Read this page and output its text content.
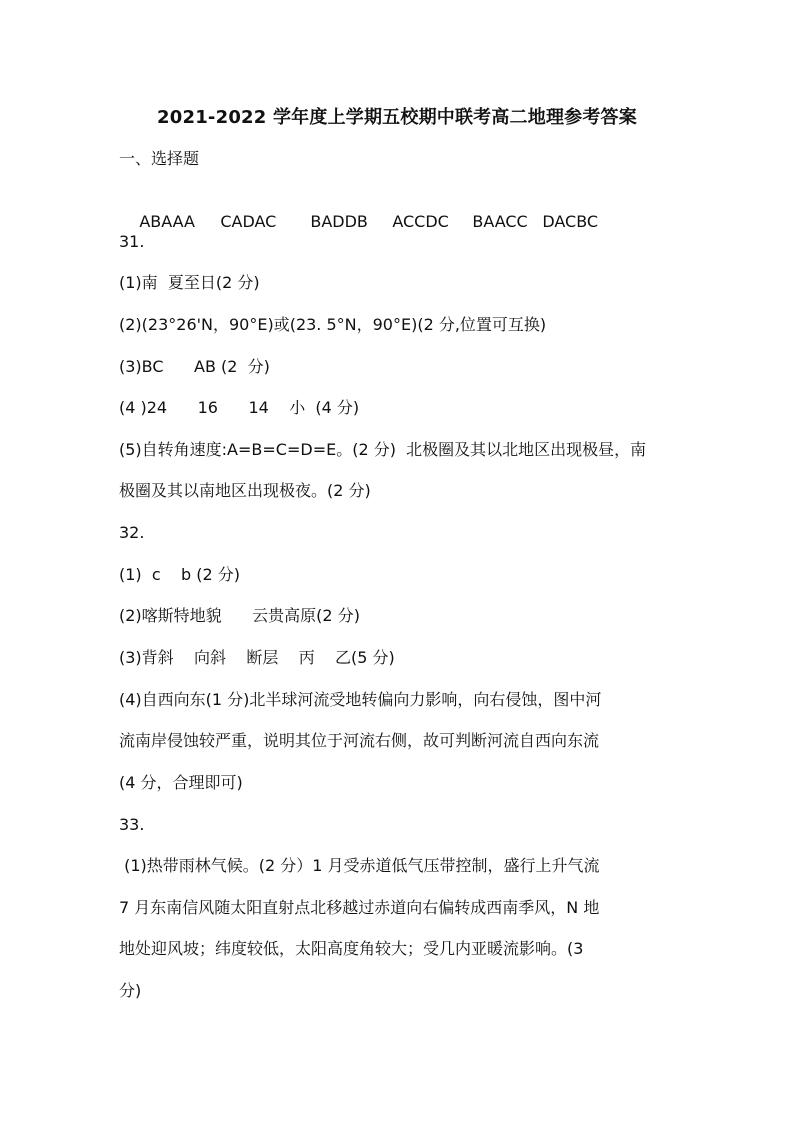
2021-2022 学年度上学期五校期中联考高二地理参考答案
一、选择题

ABAAA CADAC BADDB ACCDC BAACC DACBC

31.
(1)南  夏至日(2 分)
(2)(23°26'N，90°E)或(23. 5°N，90°E)(2 分,位置可互换)
(3)BC      AB (2  分)
(4 )24      16      14    小  (4 分)
(5)自转角速度:A=B=C=D=E。(2 分)  北极圈及其以北地区出现极昼，南
极圈及其以南地区出现极夜。(2 分)
32.
(1)  c    b (2 分)
(2)喀斯特地貌      云贵高原(2 分)
(3)背斜    向斜    断层    丙    乙(5 分)
(4)自西向东(1 分)北半球河流受地转偏向力影响，向右侵蚀，图中河
流南岸侵蚀较严重，说明其位于河流右侧，故可判断河流自西向东流
(4 分，合理即可)
33.
(1)热带雨林气候。(2 分）1 月受赤道低气压带控制，盛行上升气流
7 月东南信风随太阳直射点北移越过赤道向右偏转成西南季风，N 地
地处迎风坡；纬度较低，太阳高度角较大；受几内亚暖流影响。(3
分)
